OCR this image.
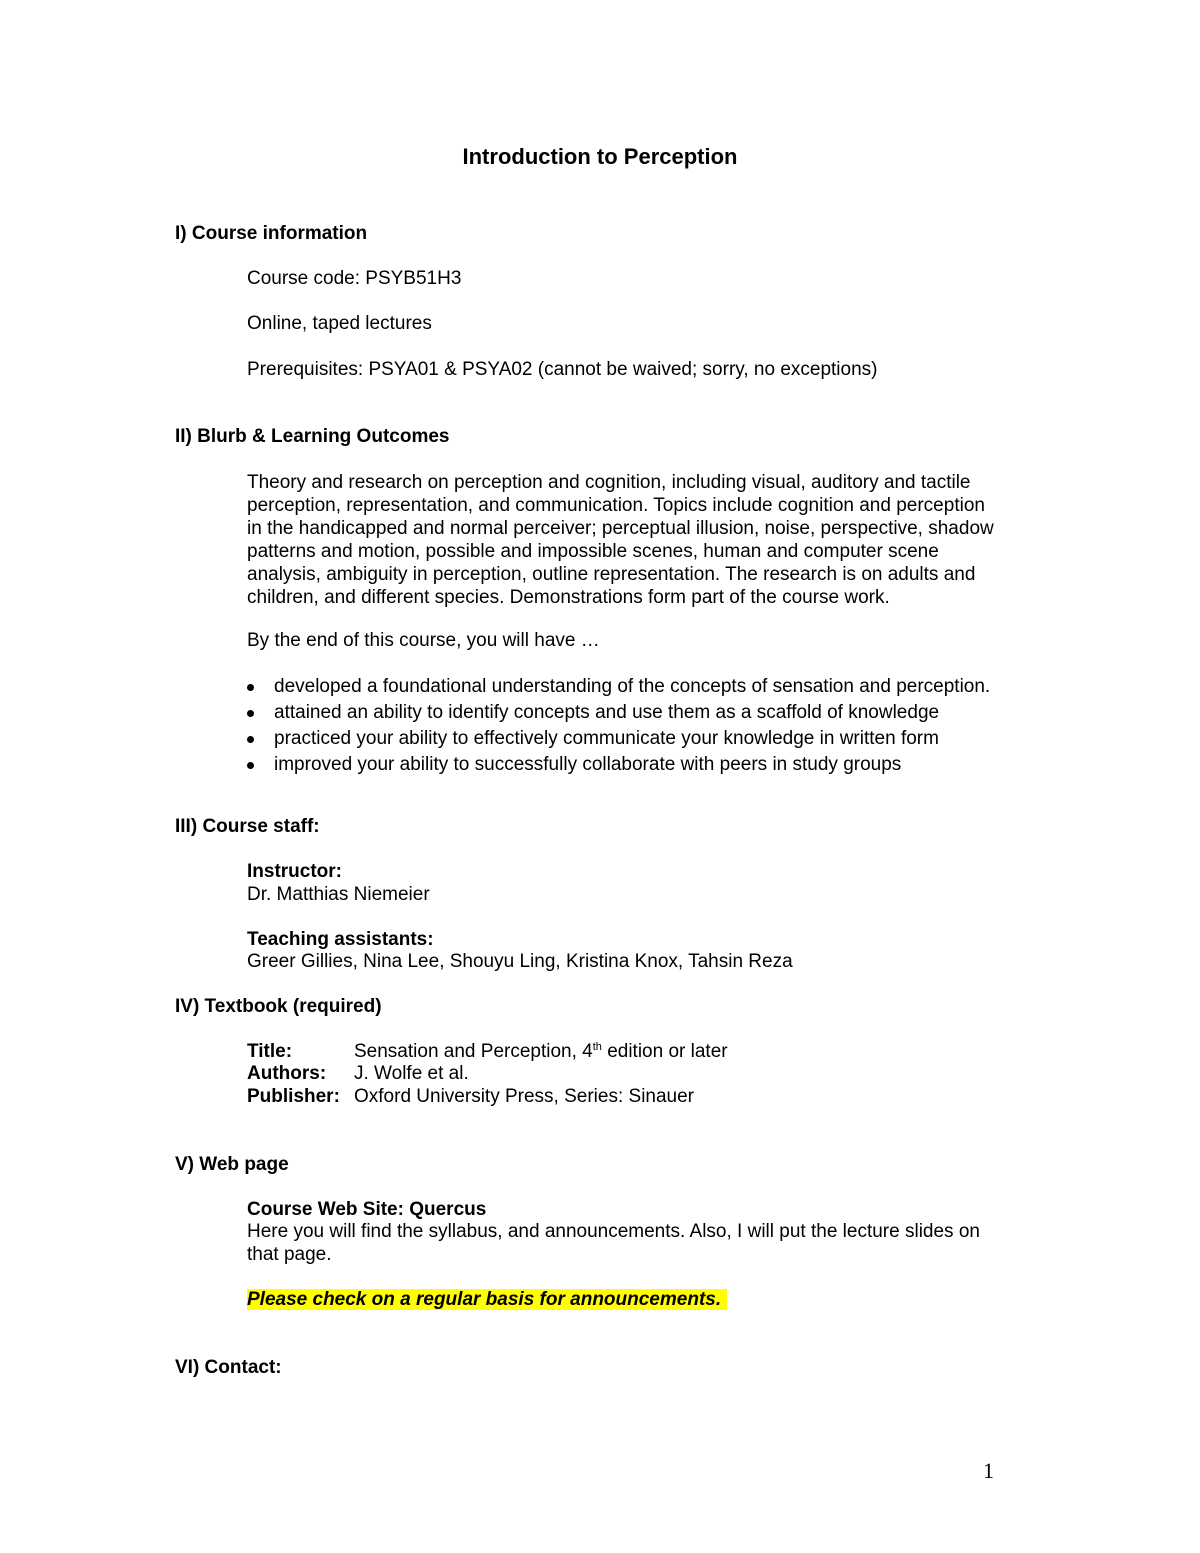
Introduction to Perception
I) Course information
Course code: PSYB51H3
Online, taped lectures
Prerequisites: PSYA01 & PSYA02 (cannot be waived; sorry, no exceptions)
II) Blurb & Learning Outcomes
Theory and research on perception and cognition, including visual, auditory and tactile
perception, representation, and communication. Topics include cognition and perception
in the handicapped and normal perceiver; perceptual illusion, noise, perspective, shadow
patterns and motion, possible and impossible scenes, human and computer scene
analysis, ambiguity in perception, outline representation. The research is on adults and
children, and different species. Demonstrations form part of the course work.
By the end of this course, you will have …
developed a foundational understanding of the concepts of sensation and perception.
attained an ability to identify concepts and use them as a scaffold of knowledge
practiced your ability to effectively communicate your knowledge in written form
improved your ability to successfully collaborate with peers in study groups
III) Course staff:
Instructor:
Dr. Matthias Niemeier
Teaching assistants:
Greer Gillies, Nina Lee, Shouyu Ling, Kristina Knox, Tahsin Reza
IV) Textbook (required)
Title:	Sensation and Perception, 4th edition or later
Authors: J. Wolfe et al.
Publisher: Oxford University Press, Series: Sinauer
V) Web page
Course Web Site: Quercus
Here you will find the syllabus, and announcements. Also, I will put the lecture slides on
that page.
Please check on a regular basis for announcements.
VI) Contact:
1
